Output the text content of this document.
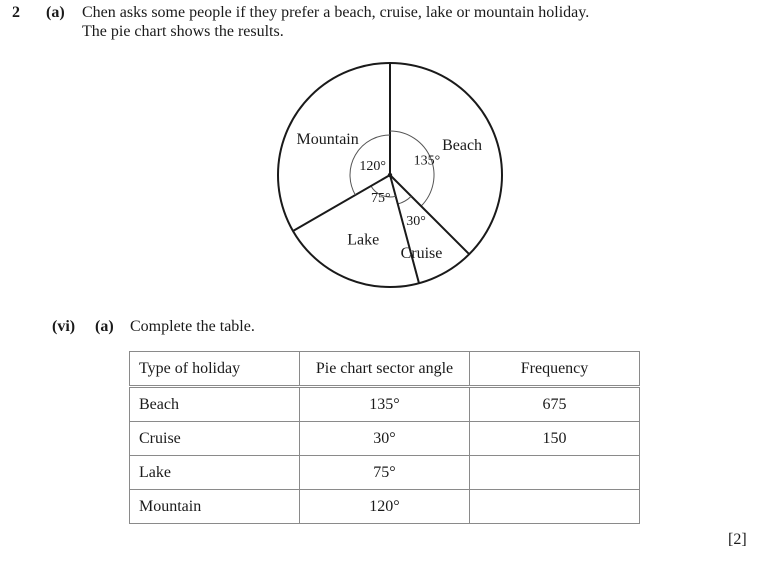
2 (a) Chen asks some people if they prefer a beach, cruise, lake or mountain holiday.
The pie chart shows the results.
135°
Beach
30°
Cruise
75°
Lake
120°
Mountain
(vi) (a) Complete the table.
Type of holiday	Pie chart sector angle	Frequency
Beach	135°	675
Cruise	30°	150
Lake	75°	
Mountain	120°	
[2]
